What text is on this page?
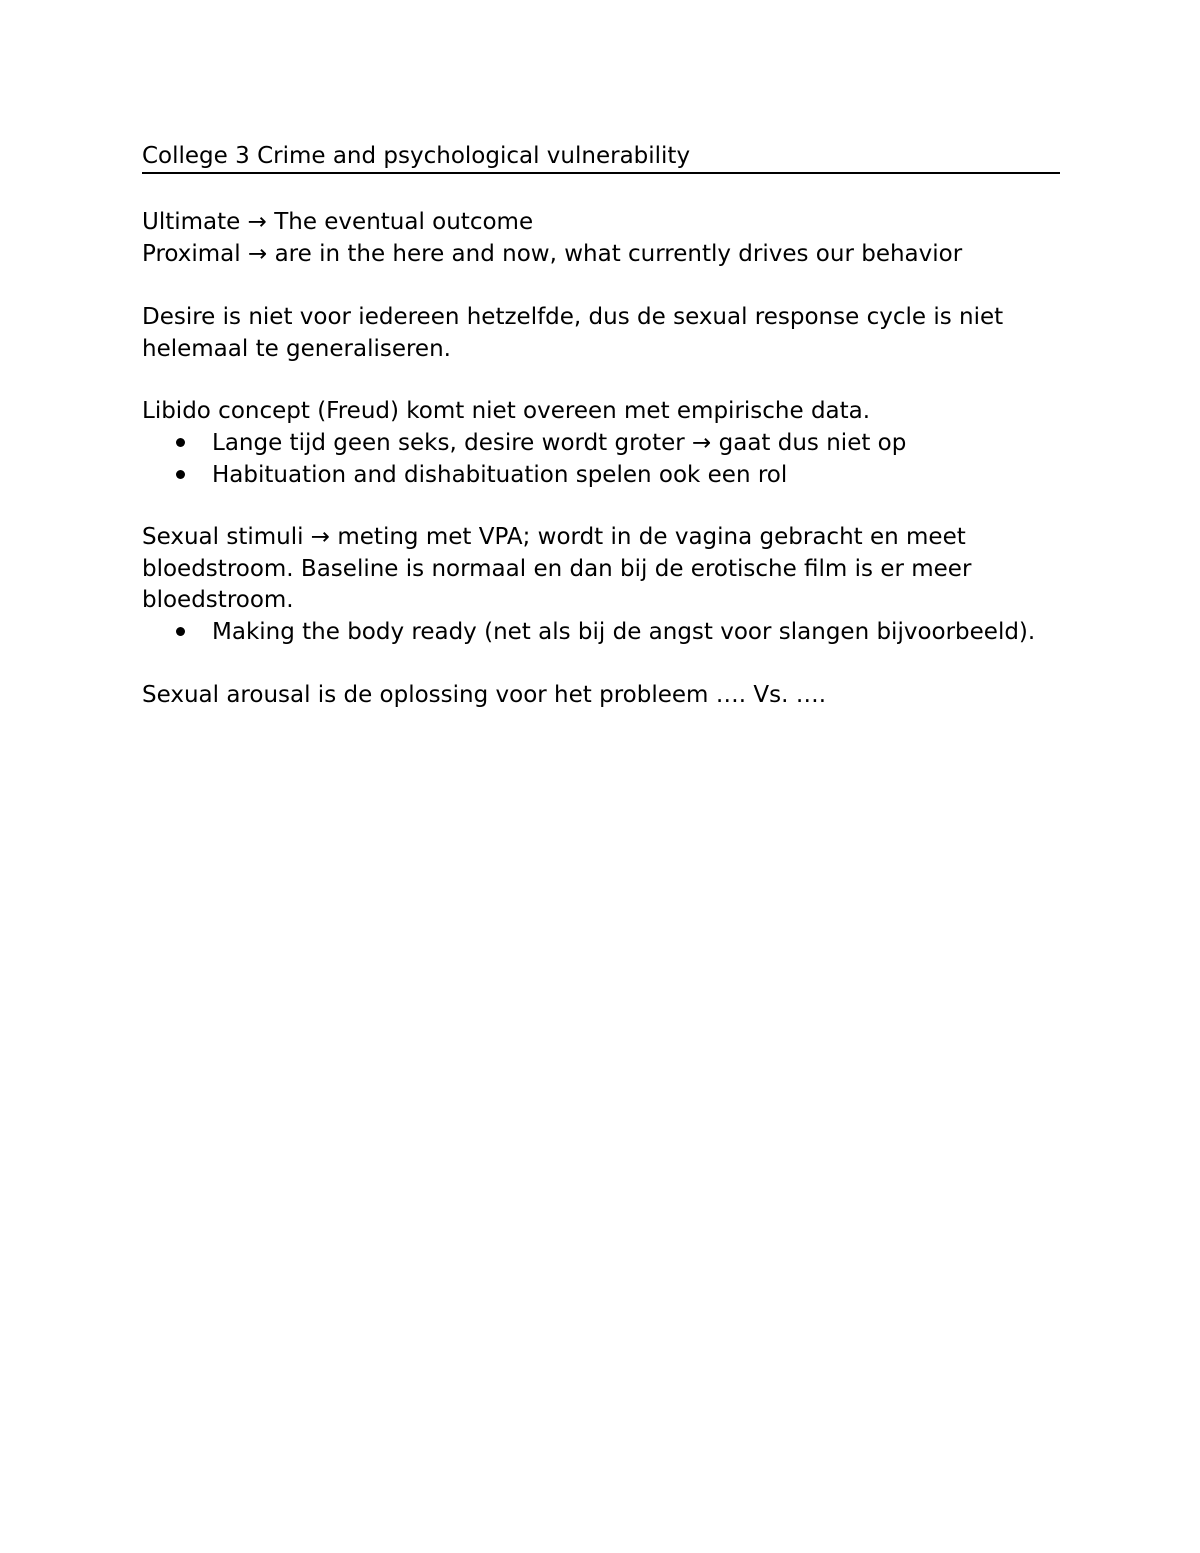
College 3 Crime and psychological vulnerability
Ultimate → The eventual outcome
Proximal → are in the here and now, what currently drives our behavior
Desire is niet voor iedereen hetzelfde, dus de sexual response cycle is niet
helemaal te generaliseren.
Libido concept (Freud) komt niet overeen met empirische data.
Lange tijd geen seks, desire wordt groter → gaat dus niet op
Habituation and dishabituation spelen ook een rol
Sexual stimuli → meting met VPA; wordt in de vagina gebracht en meet
bloedstroom. Baseline is normaal en dan bij de erotische film is er meer
bloedstroom.
Making the body ready (net als bij de angst voor slangen bijvoorbeeld).
Sexual arousal is de oplossing voor het probleem …. Vs. ….
